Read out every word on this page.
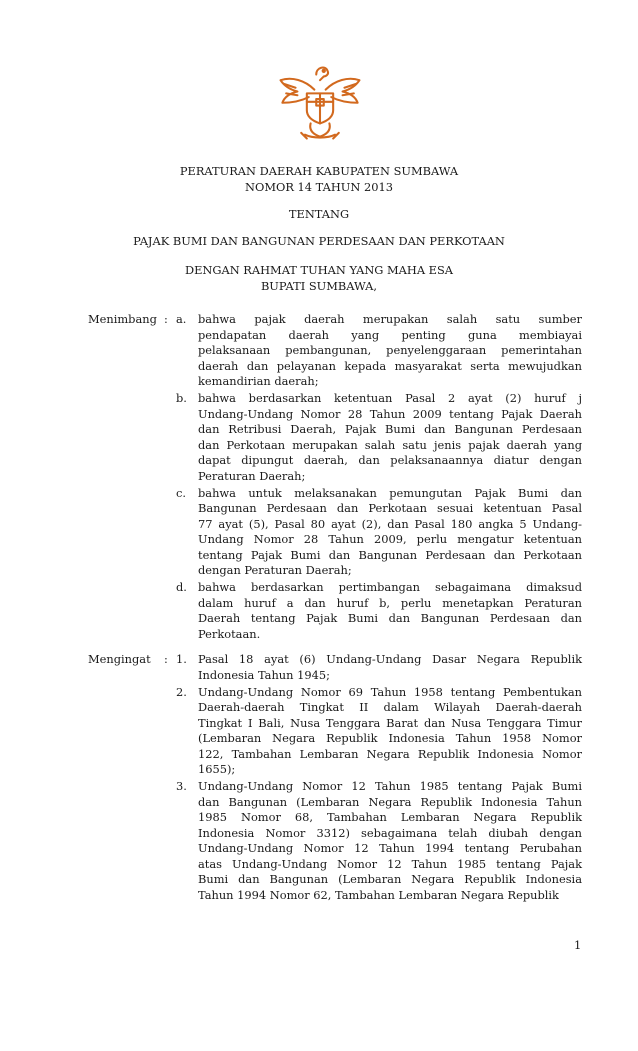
PERATURAN DAERAH KABUPATEN SUMBAWA
NOMOR 14 TAHUN 2013
TENTANG
PAJAK BUMI DAN BANGUNAN PERDESAAN DAN PERKOTAAN
DENGAN RAHMAT TUHAN YANG MAHA ESA
BUPATI SUMBAWA,
Menimbang : a. bahwa pajak daerah merupakan salah satu sumber
pendapatan daerah yang penting guna membiayai
pelaksanaan pembangunan, penyelenggaraan pemerintahan
daerah dan pelayanan kepada masyarakat serta mewujudkan
kemandirian daerah;
b. bahwa berdasarkan ketentuan Pasal 2 ayat (2) huruf j
Undang-Undang Nomor 28 Tahun 2009 tentang Pajak Daerah
dan Retribusi Daerah, Pajak Bumi dan Bangunan Perdesaan
dan Perkotaan merupakan salah satu jenis pajak daerah yang
dapat dipungut daerah, dan pelaksanaannya diatur dengan
Peraturan Daerah;
c. bahwa untuk melaksanakan pemungutan Pajak Bumi dan
Bangunan Perdesaan dan Perkotaan sesuai ketentuan Pasal
77 ayat (5), Pasal 80 ayat (2), dan Pasal 180 angka 5 Undang-
Undang Nomor 28 Tahun 2009, perlu mengatur ketentuan
tentang Pajak Bumi dan Bangunan Perdesaan dan Perkotaan
dengan Peraturan Daerah;
d. bahwa berdasarkan pertimbangan sebagaimana dimaksud
dalam huruf a dan huruf b, perlu menetapkan Peraturan
Daerah tentang Pajak Bumi dan Bangunan Perdesaan dan
Perkotaan.
Mengingat : 1. Pasal 18 ayat (6) Undang-Undang Dasar Negara Republik
Indonesia Tahun 1945;
2. Undang-Undang Nomor 69 Tahun 1958 tentang Pembentukan
Daerah-daerah Tingkat II dalam Wilayah Daerah-daerah
Tingkat I Bali, Nusa Tenggara Barat dan Nusa Tenggara Timur
(Lembaran Negara Republik Indonesia Tahun 1958 Nomor
122, Tambahan Lembaran Negara Republik Indonesia Nomor
1655);
3. Undang-Undang Nomor 12 Tahun 1985 tentang Pajak Bumi
dan Bangunan (Lembaran Negara Republik Indonesia Tahun
1985 Nomor 68, Tambahan Lembaran Negara Republik
Indonesia Nomor 3312) sebagaimana telah diubah dengan
Undang-Undang Nomor 12 Tahun 1994 tentang Perubahan
atas Undang-Undang Nomor 12 Tahun 1985 tentang Pajak
Bumi dan Bangunan (Lembaran Negara Republik Indonesia
Tahun 1994 Nomor 62, Tambahan Lembaran Negara Republik
1
